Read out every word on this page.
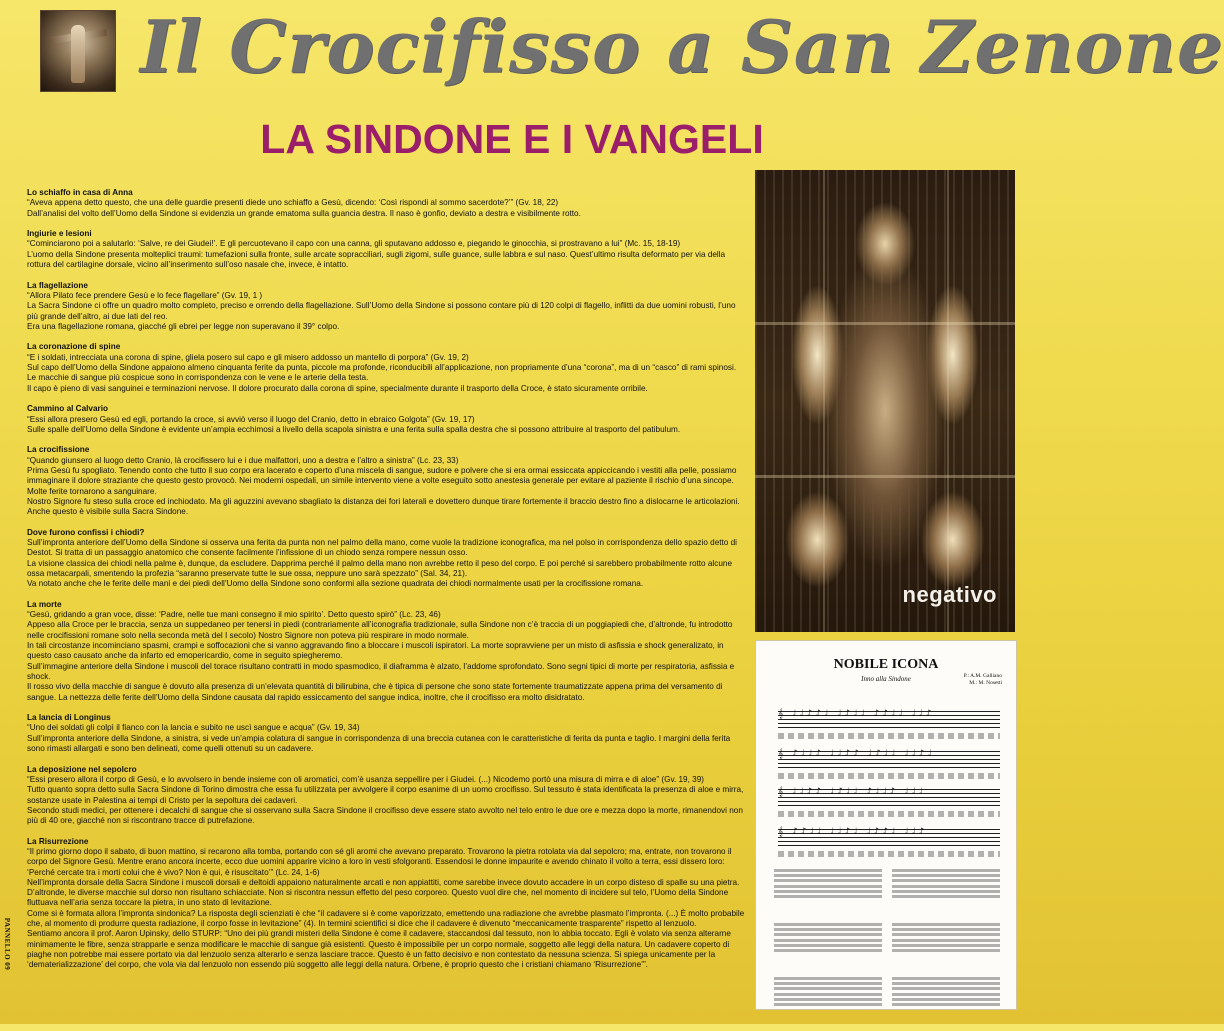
Il Crocifisso a San Zenone
LA SINDONE E I VANGELI
PANNELLO 09
Lo schiaffo in casa di Anna

“Aveva appena detto questo, che una delle guardie presenti diede uno schiaffo a Gesù, dicendo: ‘Così rispondi al sommo sacerdote?’” (Gv. 18, 22)

Dall’analisi del volto dell’Uomo della Sindone si evidenzia un grande ematoma sulla guancia destra. Il naso è gonfio, deviato a destra e visibilmente rotto.

Ingiurie e lesioni

“Cominciarono poi a salutarlo: ‘Salve, re dei Giudei!’. E gli percuotevano il capo con una canna, gli sputavano addosso e, piegando le ginocchia, si prostravano a lui” (Mc. 15, 18-19)

L’uomo della Sindone presenta molteplici traumi: tumefazioni sulla fronte, sulle arcate sopracciliari, sugli zigomi, sulle guance, sulle labbra e sul naso. Quest’ultimo risulta deformato per via della rottura del cartilagine dorsale, vicino all’inserimento sull’oso nasale che, invece, è intatto.

La flagellazione

“Allora Pilato fece prendere Gesù e lo fece flagellare” (Gv. 19, 1 )

La Sacra Sindone ci offre un quadro molto completo, preciso e orrendo della flagellazione. Sull’Uomo della Sindone si possono contare più di 120 colpi di flagello, inflitti da due uomini robusti, l’uno più grande dell’altro, ai due lati del reo.

Era una flagellazione romana, giacché gli ebrei per legge non superavano il 39° colpo.

La coronazione di spine

“E i soldati, intrecciata una corona di spine, gliela posero sul capo e gli misero addosso un mantello di porpora” (Gv. 19, 2)

Sul capo dell’Uomo della Sindone appaiono almeno cinquanta ferite da punta, piccole ma profonde, riconducibili all’applicazione, non propriamente d’una “corona”, ma di un “casco” di rami spinosi. Le macchie di sangue più cospicue sono in corrispondenza con le vene e le arterie della testa.

Il capo è pieno di vasi sanguinei e terminazioni nervose. Il dolore procurato dalla corona di spine, specialmente durante il trasporto della Croce, è stato sicuramente orribile.

Cammino al Calvario

“Essi allora presero Gesù ed egli, portando la croce, si avviò verso il luogo del Cranio, detto in ebraico Golgota” (Gv. 19, 17)

Sulle spalle dell’Uomo della Sindone è evidente un’ampia ecchimosi a livello della scapola sinistra e una ferita sulla spalla destra che si possono attribuire al trasporto del patibulum.

La crocifissione

“Quando giunsero al luogo detto Cranio, là crocifissero lui e i due malfattori, uno a destra e l’altro a sinistra” (Lc. 23, 33)

Prima Gesù fu spogliato. Tenendo conto che tutto il suo corpo era lacerato e coperto d’una miscela di sangue, sudore e polvere che si era ormai essiccata appiccicando i vestiti alla pelle, possiamo immaginare il dolore straziante che questo gesto provocò. Nei moderni ospedali, un simile intervento viene a volte eseguito sotto anestesia generale per evitare al paziente il rischio d’una sincope. Molte ferite tornarono a sanguinare.

Nostro Signore fu steso sulla croce ed inchiodato. Ma gli aguzzini avevano sbagliato la distanza dei fori laterali e dovettero dunque tirare fortemente il braccio destro fino a dislocarne le articolazioni. Anche questo è visibile sulla Sacra Sindone.

Dove furono confissi i chiodi?

Sull’impronta anteriore dell’Uomo della Sindone si osserva una ferita da punta non nel palmo della mano, come vuole la tradizione iconografica, ma nel polso in corrispondenza dello spazio detto di Destot. Si tratta di un passaggio anatomico che consente facilmente l’infissione di un chiodo senza rompere nessun osso.

La visione classica dei chiodi nella palme è, dunque, da escludere. Dapprima perché il palmo della mano non avrebbe retto il peso del corpo. E poi perché si sarebbero probabilmente rotto alcune ossa metacarpali, smentendo la profezia “saranno preservate tutte le sue ossa, neppure uno sarà spezzato” (Sal. 34, 21).

Va notato anche che le ferite delle mani e dei piedi dell’Uomo della Sindone sono conformi alla sezione quadrata dei chiodi normalmente usati per la crocifissione romana.

La morte

“Gesù, gridando a gran voce, disse: ‘Padre, nelle tue mani consegno il mio spirito’. Detto questo spirò” (Lc. 23, 46)

Appeso alla Croce per le braccia, senza un suppedaneo per tenersi in piedi (contrariamente all’iconografia tradizionale, sulla Sindone non c’è traccia di un poggiapiedi che, d’altronde, fu introdotto nelle crocifissioni romane solo nella seconda metà del I secolo) Nostro Signore non poteva più respirare in modo normale.

In tali circostanze incominciano spasmi, crampi e soffocazioni che si vanno aggravando fino a bloccare i muscoli ispiratori. La morte sopravviene per un misto di asfissia e shock generalizato, in questo caso causato anche da infarto ed emopericardio, come in seguito spiegheremo.

Sull’immagine anteriore della Sindone i muscoli del torace risultano contratti in modo spasmodico, il diaframma è alzato, l’addome sprofondato. Sono segni tipici di morte per respiratoria, asfissia e shock.

Il rosso vivo della macchie di sangue è dovuto alla presenza di un’elevata quantità di bilirubina, che è tipica di persone che sono state fortemente traumatizzate appena prima del versamento di sangue. La nettezza delle ferite dell’Uomo della Sindone causata dal rapido essiccamento del sangue indica, inoltre, che il crocifisso era molto disidratato.

La lancia di Longinus

“Uno dei soldati gli colpì il fianco con la lancia e subito ne uscì sangue e acqua” (Gv. 19, 34)

Sull’impronta anteriore della Sindone, a sinistra, si vede un’ampia colatura di sangue in corrispondenza di una breccia cutanea con le caratteristiche di ferita da punta e taglio. I margini della ferita sono rimasti allargati e sono ben delineati, come quelli ottenuti su un cadavere.

La deposizione nel sepolcro

“Essi presero allora il corpo di Gesù, e lo avvolsero in bende insieme con oli aromatici, com’è usanza seppellire per i Giudei. (...) Nicodemo portò una misura di mirra e di aloe” (Gv. 19, 39)

Tutto quanto sopra detto sulla Sacra Sindone di Torino dimostra che essa fu utilizzata per avvolgere il corpo esanime di un uomo crocifisso. Sul tessuto è stata identificata la presenza di aloe e mirra, sostanze usate in Palestina ai tempi di Cristo per la sepoltura dei cadaveri.

Secondo studi medici, per ottenere i decalchi di sangue che si osservano sulla Sacra Sindone il crocifisso deve essere stato avvolto nel telo entro le due ore e mezza dopo la morte, rimanendovi non più di 40 ore, giacché non si riscontrano tracce di putrefazione.

La Risurrezione

“Il primo giorno dopo il sabato, di buon mattino, si recarono alla tomba, portando con sé gli aromi che avevano preparato. Trovarono la pietra rotolata via dal sepolcro; ma, entrate, non trovarono il corpo del Signore Gesù. Mentre erano ancora incerte, ecco due uomini apparire vicino a loro in vesti sfolgoranti. Essendosi le donne impaurite e avendo chinato il volto a terra, essi dissero loro: ‘Perché cercate tra i morti colui che è vivo? Non è qui, è risuscitato’” (Lc. 24, 1-6)

Nell’impronta dorsale della Sacra Sindone i muscoli dorsali e deltoidi appaiono naturalmente arcati e non appiattiti, come sarebbe invece dovuto accadere in un corpo disteso di spalle su una pietra. D’altronde, le diverse macchie sul dorso non risultano schiacciate. Non si riscontra nessun effetto del peso corporeo. Questo vuol dire che, nel momento di incidere sul telo, l’Uomo della Sindone fluttuava nell’aria senza toccare la pietra, in uno stato di levitazione.

Come si è formata allora l’impronta sindonica? La risposta degli scienziati è che “il cadavere si è come vaporizzato, emettendo una radiazione che avrebbe plasmato l’impronta. (...) È molto probabile che, al momento di produrre questa radiazione, il corpo fosse in levitazione” (4). In termini scientifici si dice che il cadavere è divenuto “meccanicamente trasparente” rispetto al lenzuolo.

Sentiamo ancora il prof. Aaron Upinsky, dello STURP: “Uno dei più grandi misteri della Sindone è come il cadavere, staccandosi dal tessuto, non lo abbia toccato. Egli è volato via senza alterarne minimamente le fibre, senza strapparle e senza modificare le macchie di sangue già esistenti. Questo è impossibile per un corpo normale, soggetto alle leggi della natura. Un cadavere coperto di piaghe non potrebbe mai essere portato via dal lenzuolo senza alterarlo e senza lasciare tracce. Questo è un fatto decisivo e non contestato da nessuna scienza. Si spiega unicamente per la ‘dematerializzazione’ del corpo, che vola via dal lenzuolo non essendo più soggetto alle leggi della natura. Orbene, è proprio questo che i cristiani chiamano ‘Risurrezione’”.

negativo
NOBILE ICONA
Inno alla Sindone	P.: A.M. Galliano
M.: M. Nosetti
𝄞 ♩♩♪♪♩ ♩♪♩♩ ♪♪♩♩ ♩♩♪
𝄞 ♪♩♩♪ ♩♩♪♪ ♩♪♩♩ ♩♩♪♩
𝄞 ♩♩♪♪ ♩♪♩♩ ♪♩♩♪ ♩♩♩
𝄞 ♪♪♩♩ ♩♩♪♩ ♩♪♪♩ ♩♩♪
